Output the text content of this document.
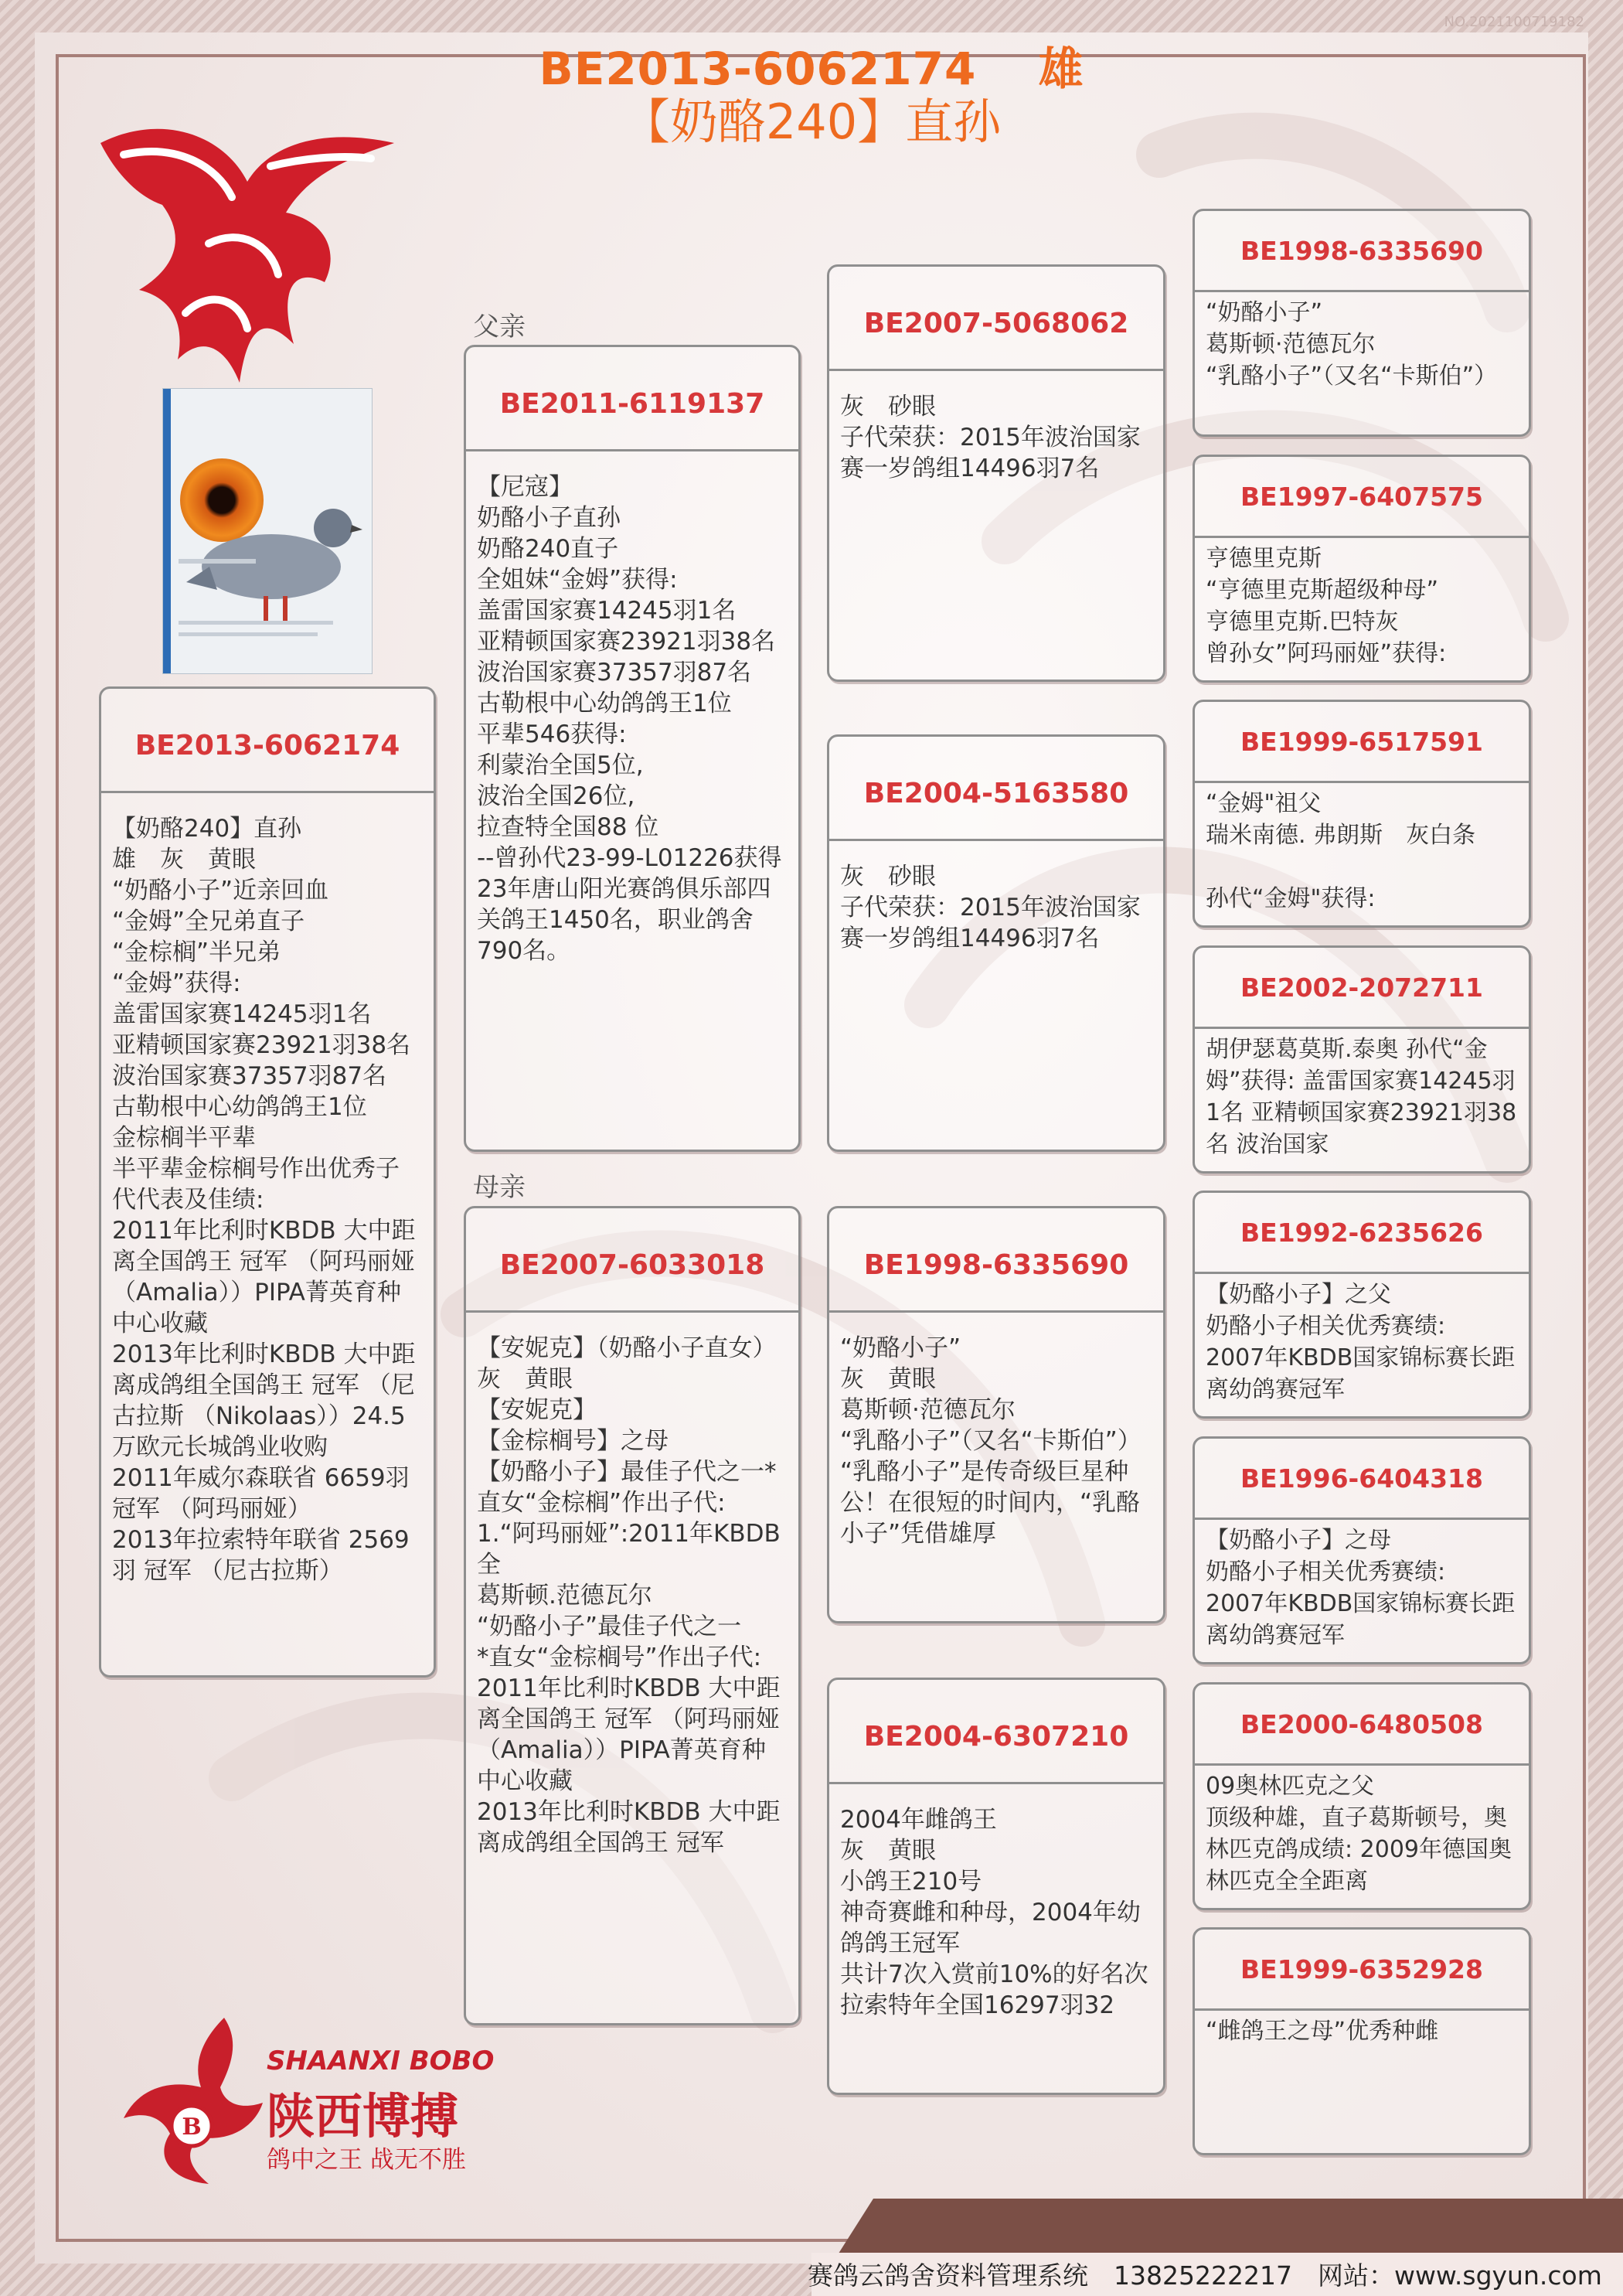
NO.2021100719182
BE2013-6062174　 雄
【奶酪240】直孙
父亲
母亲
BE2013-6062174
【奶酪240】直孙
雄　灰　黄眼
“奶酪小子”近亲回血
“金姆”全兄弟直子
“金棕榈”半兄弟
“金姆”获得:
盖雷国家赛14245羽1名
亚精顿国家赛23921羽38名
波治国家赛37357羽87名
古勒根中心幼鸽鸽王1位
金棕榈半平辈
半平辈金棕榈号作出优秀子代代表及佳绩:
2011年比利时KBDB 大中距离全国鸽王 冠军 （阿玛丽娅 （Amalia））PIPA菁英育种中心收藏
2013年比利时KBDB 大中距离成鸽组全国鸽王 冠军 （尼古拉斯 （Nikolaas））24.5万欧元长城鸽业收购
2011年威尔森联省 6659羽 冠军 （阿玛丽娅）
2013年拉索特年联省 2569羽 冠军 （尼古拉斯）
BE2011-6119137
【尼寇】
奶酪小子直孙
奶酪240直子
全姐妹“金姆”获得:
盖雷国家赛14245羽1名
亚精顿国家赛23921羽38名
波治国家赛37357羽87名
古勒根中心幼鸽鸽王1位
平辈546获得:
利蒙治全国5位,
波治全国26位,
拉查特全国88 位
--曾孙代23-99-L01226获得23年唐山阳光赛鸽俱乐部四关鸽王1450名，职业鸽舍790名。
BE2007-6033018
【安妮克】（奶酪小子直女）
灰　黄眼
【安妮克】
【金棕榈号】之母
【奶酪小子】最佳子代之一*直女“金棕榈”作出子代:
1.“阿玛丽娅”:2011年KBDB全
葛斯顿.范德瓦尔
“奶酪小子”最佳子代之一
*直女“金棕榈号”作出子代:
2011年比利时KBDB 大中距离全国鸽王 冠军 （阿玛丽娅 （Amalia））PIPA菁英育种中心收藏
2013年比利时KBDB 大中距离成鸽组全国鸽王 冠军
BE2007-5068062
灰　砂眼
子代荣获：2015年波治国家赛一岁鸽组14496羽7名
BE2004-5163580
灰　砂眼
子代荣获：2015年波治国家赛一岁鸽组14496羽7名
BE1998-6335690
“奶酪小子”
灰　黄眼
葛斯顿·范德瓦尔
“乳酪小子”（又名“卡斯伯”）
“乳酪小子”是传奇级巨星种公！在很短的时间内，“乳酪小子”凭借雄厚
BE2004-6307210
2004年雌鸽王
灰　黄眼
小鸽王210号
神奇赛雌和种母，2004年幼鸽鸽王冠军
共计7次入赏前10%的好名次
拉索特年全国16297羽32
BE1998-6335690
“奶酪小子”
葛斯顿·范德瓦尔
“乳酪小子”（又名“卡斯伯”）
BE1997-6407575
亨德里克斯
“亨德里克斯超级种母”
亨德里克斯.巴特灰
曾孙女”阿玛丽娅”获得:
BE1999-6517591
“金姆"祖父
瑞米南德. 弗朗斯　灰白条

孙代“金姆"获得:
BE2002-2072711
胡伊瑟葛莫斯.泰奥 孙代“金姆”获得: 盖雷国家赛14245羽1名 亚精顿国家赛23921羽38名 波治国家
BE1992-6235626
【奶酪小子】之父
奶酪小子相关优秀赛绩:
2007年KBDB国家锦标赛长距离幼鸽赛冠军
BE1996-6404318
【奶酪小子】之母
奶酪小子相关优秀赛绩:
2007年KBDB国家锦标赛长距离幼鸽赛冠军
BE2000-6480508
09奥林匹克之父
顶级种雄，直子葛斯顿号，奥 林匹克鸽成绩: 2009年德国奥 林匹克全全距离
BE1999-6352928
“雌鸽王之母”优秀种雌
B
SHAANXI BOBO
陕西博搏
鸽中之王 战无不胜
赛鸽云鸽舍资料管理系统　13825222217　网站：www.sgyun.com
